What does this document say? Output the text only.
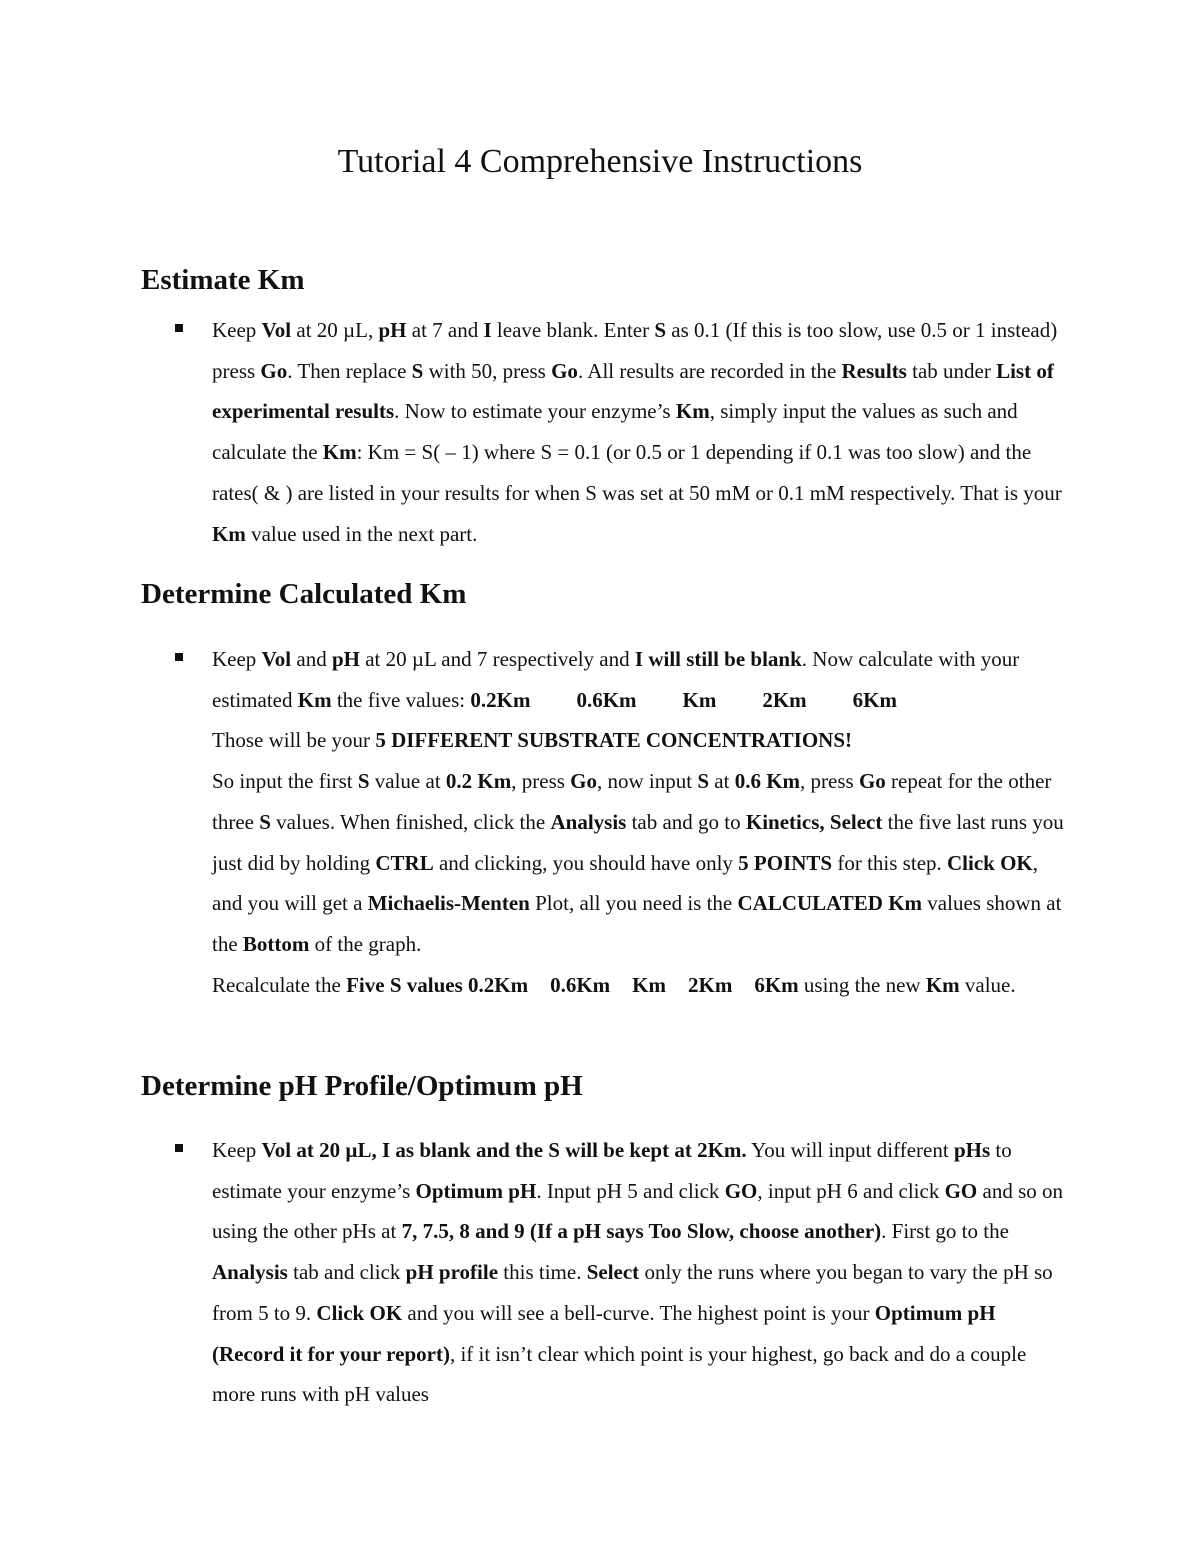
Tutorial 4 Comprehensive Instructions
Estimate Km
Keep Vol at 20 µL, pH at 7 and I leave blank. Enter S as 0.1 (If this is too slow, use 0.5 or 1 instead) press Go. Then replace S with 50, press Go. All results are recorded in the Results tab under List of experimental results. Now to estimate your enzyme’s Km, simply input the values as such and calculate the Km: Km = S( – 1) where S = 0.1 (or 0.5 or 1 depending if 0.1 was too slow) and the rates( & ) are listed in your results for when S was set at 50 mM or 0.1 mM respectively. That is your Km value used in the next part.
Determine Calculated Km
Keep Vol and pH at 20 µL and 7 respectively and I will still be blank. Now calculate with your estimated Km the five values: 0.2Km 0.6Km Km 2Km 6Km
Those will be your 5 DIFFERENT SUBSTRATE CONCENTRATIONS!
So input the first S value at 0.2 Km, press Go, now input S at 0.6 Km, press Go repeat for the other three S values. When finished, click the Analysis tab and go to Kinetics, Select the five last runs you just did by holding CTRL and clicking, you should have only 5 POINTS for this step. Click OK, and you will get a Michaelis-Menten Plot, all you need is the CALCULATED Km values shown at the Bottom of the graph.
Recalculate the Five S values 0.2Km 0.6Km Km 2Km 6Km using the new Km value.
Determine pH Profile/Optimum pH
Keep Vol at 20 µL, I as blank and the S will be kept at 2Km. You will input different pHs to estimate your enzyme’s Optimum pH. Input pH 5 and click GO, input pH 6 and click GO and so on using the other pHs at 7, 7.5, 8 and 9 (If a pH says Too Slow, choose another). First go to the Analysis tab and click pH profile this time. Select only the runs where you began to vary the pH so from 5 to 9. Click OK and you will see a bell-curve. The highest point is your Optimum pH (Record it for your report), if it isn’t clear which point is your highest, go back and do a couple more runs with pH values
